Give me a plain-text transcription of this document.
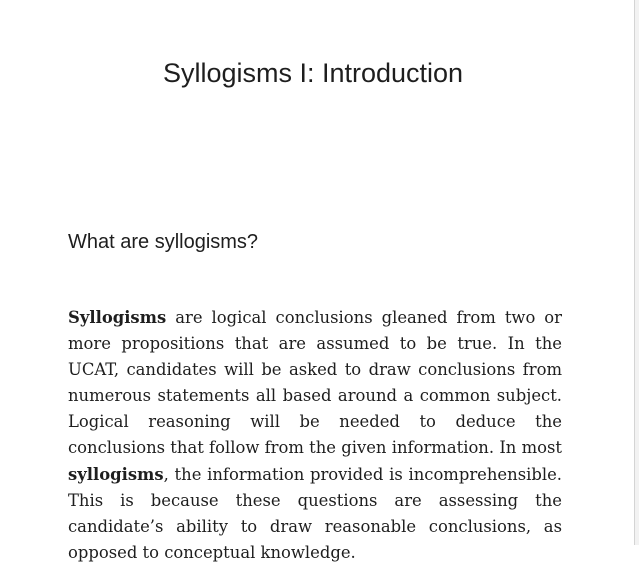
Syllogisms I: Introduction
What are syllogisms?

Syllogisms are logical conclusions gleaned from two or more propositions that are assumed to be true. In the UCAT, candidates will be asked to draw conclusions from numerous statements all based around a common subject. Logical reasoning will be needed to deduce the conclusions that follow from the given information. In most syllogisms, the information provided is incomprehensible. This is because these questions are assessing the candidate’s ability to draw reasonable conclusions, as opposed to conceptual knowledge.
